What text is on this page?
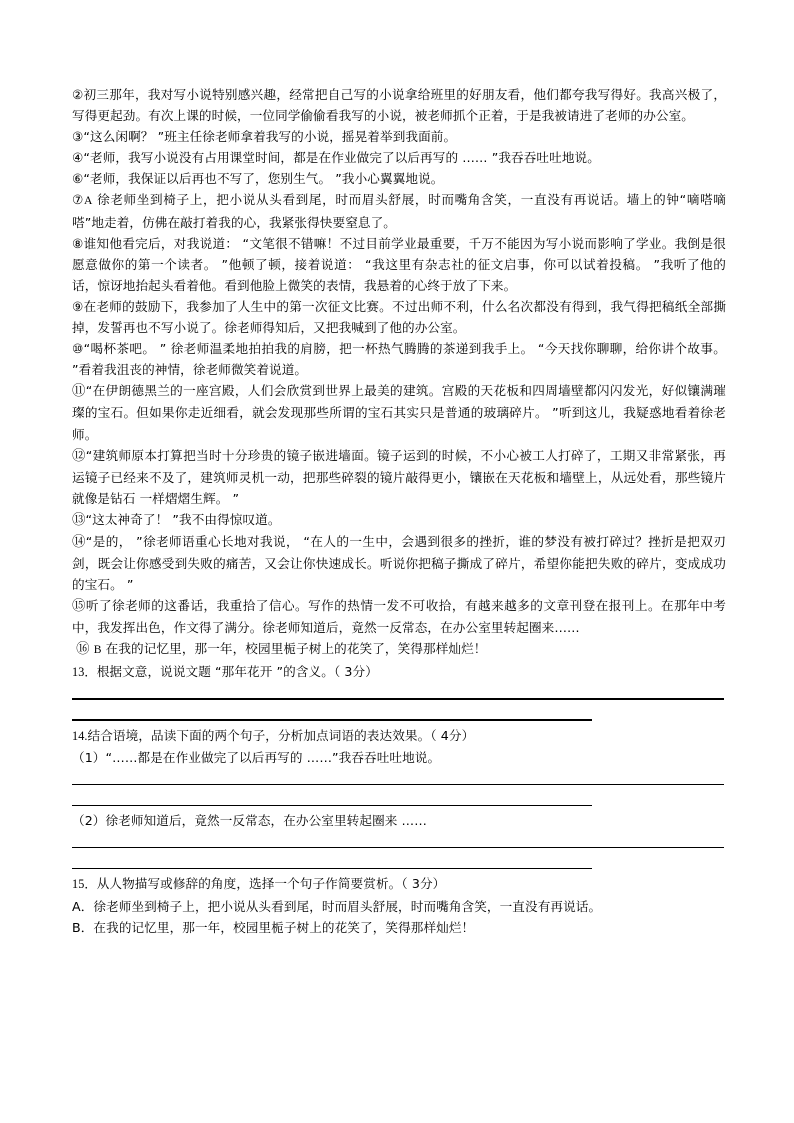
②初三那年，我对写小说特别感兴趣，经常把自己写的小说拿给班里的好朋友看，他们都夸我写得好。我高兴极了，写得更起劲。有次上课的时候，一位同学偷偷看我写的小说，被老师抓个正着，于是我被请进了老师的办公室。

③“这么闲啊？ ”班主任徐老师拿着我写的小说，摇晃着举到我面前。

④“老师，我写小说没有占用课堂时间，都是在作业做完了以后再写的 …… ”我吞吞吐吐地说。

⑥“老师，我保证以后再也不写了，您别生气。 ”我小心翼翼地说。

⑦A 徐老师坐到椅子上，把小说从头看到尾，时而眉头舒展，时而嘴角含笑，一直没有再说话。墙上的钟“嘀嗒嘀嗒”地走着，仿佛在敲打着我的心，我紧张得快要窒息了。

⑧谁知他看完后，对我说道： “文笔很不错嘛！不过目前学业最重要，千万不能因为写小说而影响了学业。我倒是很愿意做你的第一个读者。 ”他顿了顿，接着说道： “我这里有杂志社的征文启事，你可以试着投稿。 ”我听了他的话，惊讶地抬起头看着他。看到他脸上微笑的表情，我悬着的心终于放了下来。

⑨在老师的鼓励下，我参加了人生中的第一次征文比赛。不过出师不利，什么名次都没有得到，我气得把稿纸全部撕掉，发誓再也不写小说了。徐老师得知后，又把我喊到了他的办公室。

⑩“喝杯茶吧。 ” 徐老师温柔地拍拍我的肩膀，把一杯热气腾腾的茶递到我手上。 “今天找你聊聊，给你讲个故事。 ”看着我沮丧的神情，徐老师微笑着说道。

⑪“在伊朗德黑兰的一座宫殿，人们会欣赏到世界上最美的建筑。宫殿的天花板和四周墙壁都闪闪发光，好似镶满璀璨的宝石。但如果你走近细看，就会发现那些所谓的宝石其实只是普通的玻璃碎片。 ”听到这儿，我疑惑地看着徐老师。

⑫“建筑师原本打算把当时十分珍贵的镜子嵌进墙面。镜子运到的时候，不小心被工人打碎了，工期又非常紧张，再运镜子已经来不及了，建筑师灵机一动，把那些碎裂的镜片敲得更小，镶嵌在天花板和墙壁上，从远处看，那些镜片就像是钻石 一样熠熠生辉。 ”

⑬“这太神奇了！ ”我不由得惊叹道。

⑭“是的， ”徐老师语重心长地对我说， “在人的一生中，会遇到很多的挫折，谁的梦没有被打碎过？挫折是把双刃剑，既会让你感受到失败的痛苦，又会让你快速成长。听说你把稿子撕成了碎片，希望你能把失败的碎片，变成成功的宝石。 ”

⑮听了徐老师的这番话，我重拾了信心。写作的热情一发不可收拾，有越来越多的文章刊登在报刊上。在那年中考中，我发挥出色，作文得了满分。徐老师知道后，竟然一反常态，在办公室里转起圈来……

⑯ B 在我的记忆里，那一年，校园里栀子树上的花笑了，笑得那样灿烂！

13．根据文意，说说文题 “那年花开 ”的含义。（ 3分）

14.结合语境，品读下面的两个句子，分析加点词语的表达效果。（ 4分）

（1）“……都是在作业做完了以后再写的 ……”我吞吞吐吐地说。

（2）徐老师知道后，竟然一反常态，在办公室里转起圈来 ……

15．从人物描写或修辞的角度，选择一个句子作简要赏析。（ 3分）

A．徐老师坐到椅子上，把小说从头看到尾，时而眉头舒展，时而嘴角含笑，一直没有再说话。

B．在我的记忆里，那一年，校园里栀子树上的花笑了，笑得那样灿烂！
